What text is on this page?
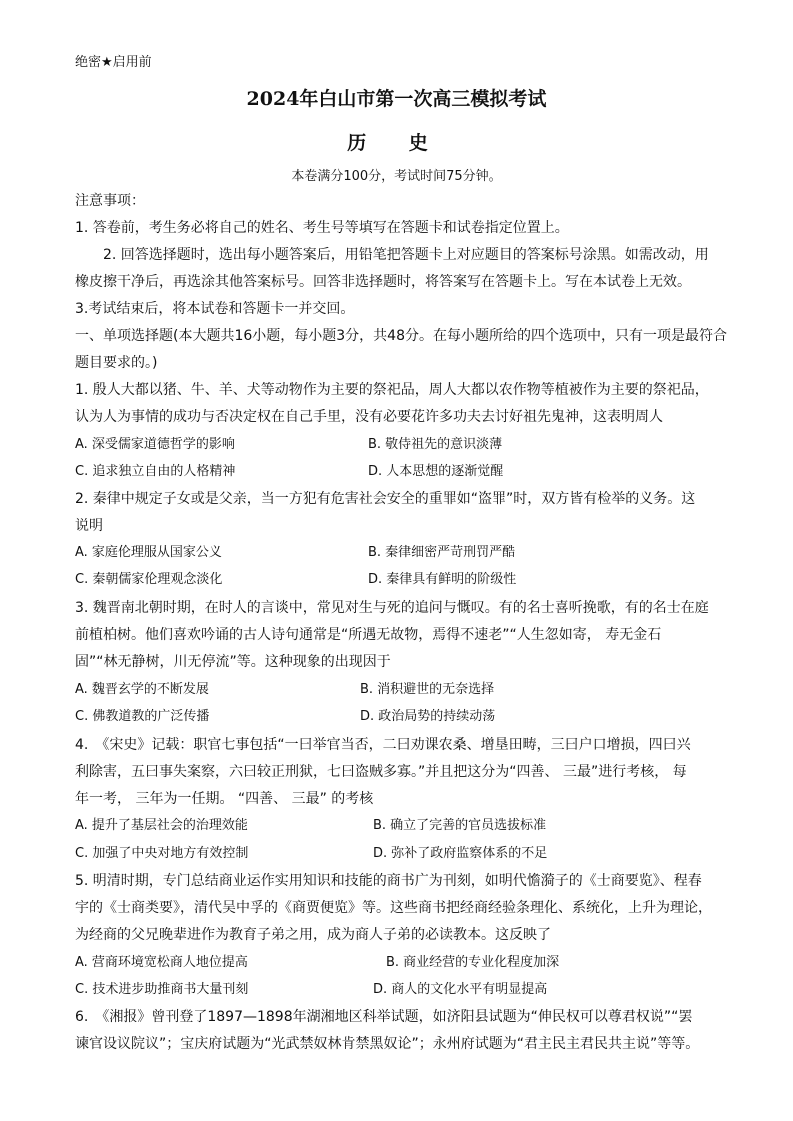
绝密★启用前
2024年白山市第一次高三模拟考试
历 史
本卷满分100分，考试时间75分钟。
注意事项：
1. 答卷前，考生务必将自己的姓名、考生号等填写在答题卡和试卷指定位置上。
2. 回答选择题时，选出每小题答案后，用铅笔把答题卡上对应题目的答案标号涂黑。如需改动，用
橡皮擦干净后，再选涂其他答案标号。回答非选择题时，将答案写在答题卡上。写在本试卷上无效。
3.考试结束后，将本试卷和答题卡一并交回。
一、单项选择题(本大题共16小题，每小题3分，共48分。在每小题所给的四个选项中，只有一项是最符合
题目要求的。)
1. 殷人大都以猪、牛、羊、犬等动物作为主要的祭祀品，周人大都以农作物等植被作为主要的祭祀品，
认为人为事情的成功与否决定权在自己手里，没有必要花许多功夫去讨好祖先鬼神，这表明周人
A. 深受儒家道德哲学的影响	B. 敬侍祖先的意识淡薄
C. 追求独立自由的人格精神	D. 人本思想的逐渐觉醒
2. 秦律中规定子女或是父亲，当一方犯有危害社会安全的重罪如“盗罪”时，双方皆有检举的义务。这
说明
A. 家庭伦理服从国家公义	B. 秦律细密严苛刑罚严酷
C. 秦朝儒家伦理观念淡化	D. 秦律具有鲜明的阶级性
3. 魏晋南北朝时期，在时人的言谈中，常见对生与死的追问与慨叹。有的名士喜听挽歌，有的名士在庭
前植柏树。他们喜欢吟诵的古人诗句通常是“所遇无故物，焉得不速老”“人生忽如寄， 寿无金石
固”“林无静树，川无停流”等。这种现象的出现因于
A. 魏晋玄学的不断发展	B. 消积避世的无奈选择
C. 佛教道教的广泛传播	D. 政治局势的持续动荡
4.　《宋史》记载：职官七事包括“一曰举官当否，二曰劝课农桑、增垦田畴，三曰户口增损，四曰兴
利除害，五曰事失案察，六曰较正刑狱，七曰盗贼多寡。”并且把这分为“四善、 三最”进行考核， 每
年一考， 三年为一任期。 “四善、 三最” 的考核
A. 提升了基层社会的治理效能	B. 确立了完善的官员选拔标准
C. 加强了中央对地方有效控制	D. 弥补了政府监察体系的不足
5. 明清时期，专门总结商业运作实用知识和技能的商书广为刊刻，如明代憺漪子的《士商要览》、程春
宇的《士商类要》，清代吴中孚的《商贾便览》等。这些商书把经商经验条理化、系统化，上升为理论，
为经商的父兄晚辈进作为教育子弟之用，成为商人子弟的必读教本。这反映了
A. 营商环境宽松商人地位提高	B. 商业经营的专业化程度加深
C. 技术进步助推商书大量刊刻	D. 商人的文化水平有明显提高
6.　《湘报》曾刊登了1897—1898年湖湘地区科举试题，如济阳县试题为“伸民权可以尊君权说”“罢
谏官设议院议”；宝庆府试题为“光武禁奴林肯禁黑奴论”；永州府试题为“君主民主君民共主说”等等。
